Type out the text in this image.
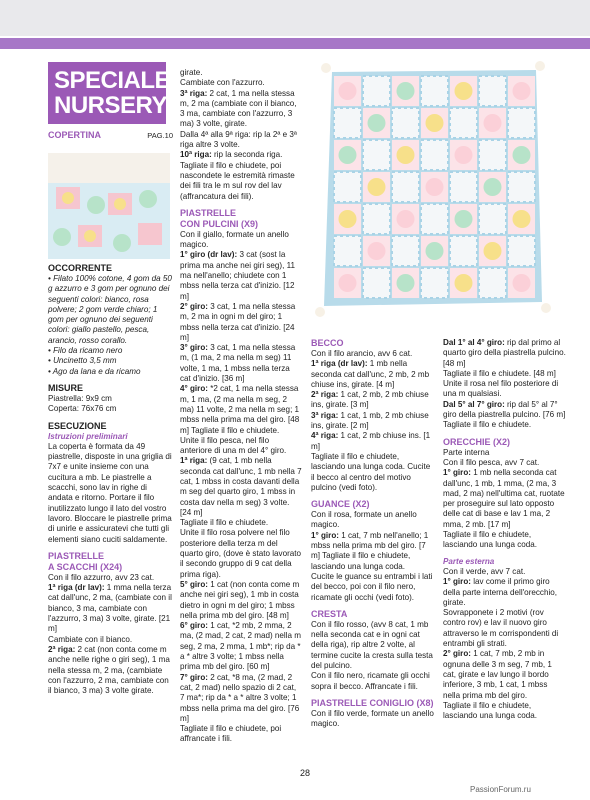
SPECIALE
NURSERY
COPERTINA	PAG.10

OCCORRENTE

• Filato 100% cotone, 4 gom da 50 g azzurro e 3 gom per ognuno dei seguenti colori: bianco, rosa polvere; 2 gom verde chiaro; 1 gom per ognuno dei seguenti colori: giallo pastello, pesca, arancio, rosso corallo.

• Filo da ricamo nero

• Uncinetto 3,5 mm

• Ago da lana e da ricamo

MISURE

Piastrella: 9x9 cm

Coperta: 76x76 cm

ESECUZIONE

Istruzioni preliminari

La coperta è formata da 49 piastrelle, disposte in una griglia di 7x7 e unite insieme con una cucitura a mb. Le piastrelle a scacchi, sono lav in righe di andata e ritorno. Portare il filo inutilizzato lungo il lato del vostro lavoro. Bloccare le piastrelle prima di unirle e assicuratevi che tutti gli elementi siano cuciti saldamente.

PIASTRELLE

A SCACCHI (X24)

Con il filo azzurro, avv 23 cat.

1ª riga (dr lav): 1 mma nella terza cat dall'unc, 2 ma, (cambiate con il bianco, 3 ma, cambiate con l'azzurro, 3 ma) 3 volte, girate. [21 m]

Cambiate con il bianco.

2ª riga: 2 cat (non conta come m anche nelle righe o giri seg), 1 ma nella stessa m, 2 ma, (cambiate con l'azzurro, 2 ma, cambiate con il bianco, 3 ma) 3 volte girate.

girate.

Cambiate con l'azzurro.

3ª riga: 2 cat, 1 ma nella stessa m, 2 ma (cambiate con il bianco, 3 ma, cambiate con l'azzurro, 3 ma) 3 volte, girate.

Dalla 4ª alla 9ª riga: rip la 2ª e 3ª riga altre 3 volte.

10ª riga: rip la seconda riga. Tagliate il filo e chiudete, poi nascondete le estremità rimaste dei fili tra le m sul rov del lav (affrancatura dei fili).

PIASTRELLE

CON PULCINI (X9)

Con il giallo, formate un anello magico.

1° giro (dr lav): 3 cat (sost la prima ma anche nei giri seg), 11 ma nell'anello; chiudete con 1 mbss nella terza cat d'inizio. [12 m]

2° giro: 3 cat, 1 ma nella stessa m, 2 ma in ogni m del giro; 1 mbss nella terza cat d'inizio. [24 m]

3° giro: 3 cat, 1 ma nella stessa m, (1 ma, 2 ma nella m seg) 11 volte, 1 ma, 1 mbss nella terza cat d'inizio. [36 m]

4° giro: *2 cat, 1 ma nella stessa m, 1 ma, (2 ma nella m seg, 2 ma) 11 volte, 2 ma nella m seg; 1 mbss nella prima ma del giro. [48 m] Tagliate il filo e chiudete.

Unite il filo pesca, nel filo anteriore di una m del 4° giro.

1ª riga: (9 cat, 1 mb nella seconda cat dall'unc, 1 mb nella 7 cat, 1 mbss in costa davanti della m seg del quarto giro, 1 mbss in costa dav nella m seg) 3 volte. [24 m]

Tagliate il filo e chiudete.

Unite il filo rosa polvere nel filo posteriore della terza m del quarto giro, (dove è stato lavorato il secondo gruppo di 9 cat della prima riga).

5° giro: 1 cat (non conta come m anche nei giri seg), 1 mb in costa dietro in ogni m del giro; 1 mbss nella prima mb del giro. [48 m]

6° giro: 1 cat, *2 mb, 2 mma, 2 ma, (2 mad, 2 cat, 2 mad) nella m seg, 2 ma, 2 mma, 1 mb*; rip da * a * altre 3 volte; 1 mbss nella prima mb del giro. [60 m]

7° giro: 2 cat, *8 ma, (2 mad, 2 cat, 2 mad) nello spazio di 2 cat, 7 ma*; rip da * a * altre 3 volte; 1 mbss nella prima ma del giro. [76 m]

Tagliate il filo e chiudete, poi affrancate i fili.

BECCO

Con il filo arancio, avv 6 cat.

1ª riga (dr lav): 1 mb nella seconda cat dall'unc, 2 mb, 2 mb chiuse ins, girate. [4 m]

2ª riga: 1 cat, 2 mb, 2 mb chiuse ins, girate. [3 m]

3ª riga: 1 cat, 1 mb, 2 mb chiuse ins, girate. [2 m]

4ª riga: 1 cat, 2 mb chiuse ins. [1 m]

Tagliate il filo e chiudete, lasciando una lunga coda. Cucite il becco al centro del motivo pulcino (vedi foto).

GUANCE (X2)

Con il rosa, formate un anello magico.

1° giro: 1 cat, 7 mb nell'anello; 1 mbss nella prima mb del giro. [7 m] Tagliate il filo e chiudete, lasciando una lunga coda.

Cucite le guance su entrambi i lati del becco, poi con il filo nero, ricamate gli occhi (vedi foto).

CRESTA

Con il filo rosso, (avv 8 cat, 1 mb nella seconda cat e in ogni cat della riga), rip altre 2 volte, al termine cucite la cresta sulla testa del pulcino.

Con il filo nero, ricamate gli occhi sopra il becco. Affrancate i fili.

PIASTRELLE CONIGLIO (X8)

Con il filo verde, formate un anello magico.

Dal 1° al 4° giro: rip dal primo al quarto giro della piastrella pulcino. [48 m]

Tagliate il filo e chiudete. [48 m]

Unite il rosa nel filo posteriore di una m qualsiasi.

Dal 5° al 7° giro: rip dal 5° al 7° giro della piastrella pulcino. [76 m]

Tagliate il filo e chiudete.

ORECCHIE (X2)

Parte interna

Con il filo pesca, avv 7 cat.

1° giro: 1 mb nella seconda cat dall'unc, 1 mb, 1 mma, (2 ma, 3 mad, 2 ma) nell'ultima cat, ruotate per proseguire sul lato opposto delle cat di base e lav 1 ma, 2 mma, 2 mb. [17 m]

Tagliate il filo e chiudete, lasciando una lunga coda.

Parte esterna

Con il verde, avv 7 cat.

1° giro: lav come il primo giro della parte interna dell'orecchio, girate.

Sovrapponete i 2 motivi (rov contro rov) e lav il nuovo giro attraverso le m corrispondenti di entrambi gli strati.

2° giro: 1 cat, 7 mb, 2 mb in ognuna delle 3 m seg, 7 mb, 1 cat, girate e lav lungo il bordo inferiore, 3 mb, 1 cat, 1 mbss nella prima mb del giro.

Tagliate il filo e chiudete, lasciando una lunga coda.

28
PassionForum.ru
